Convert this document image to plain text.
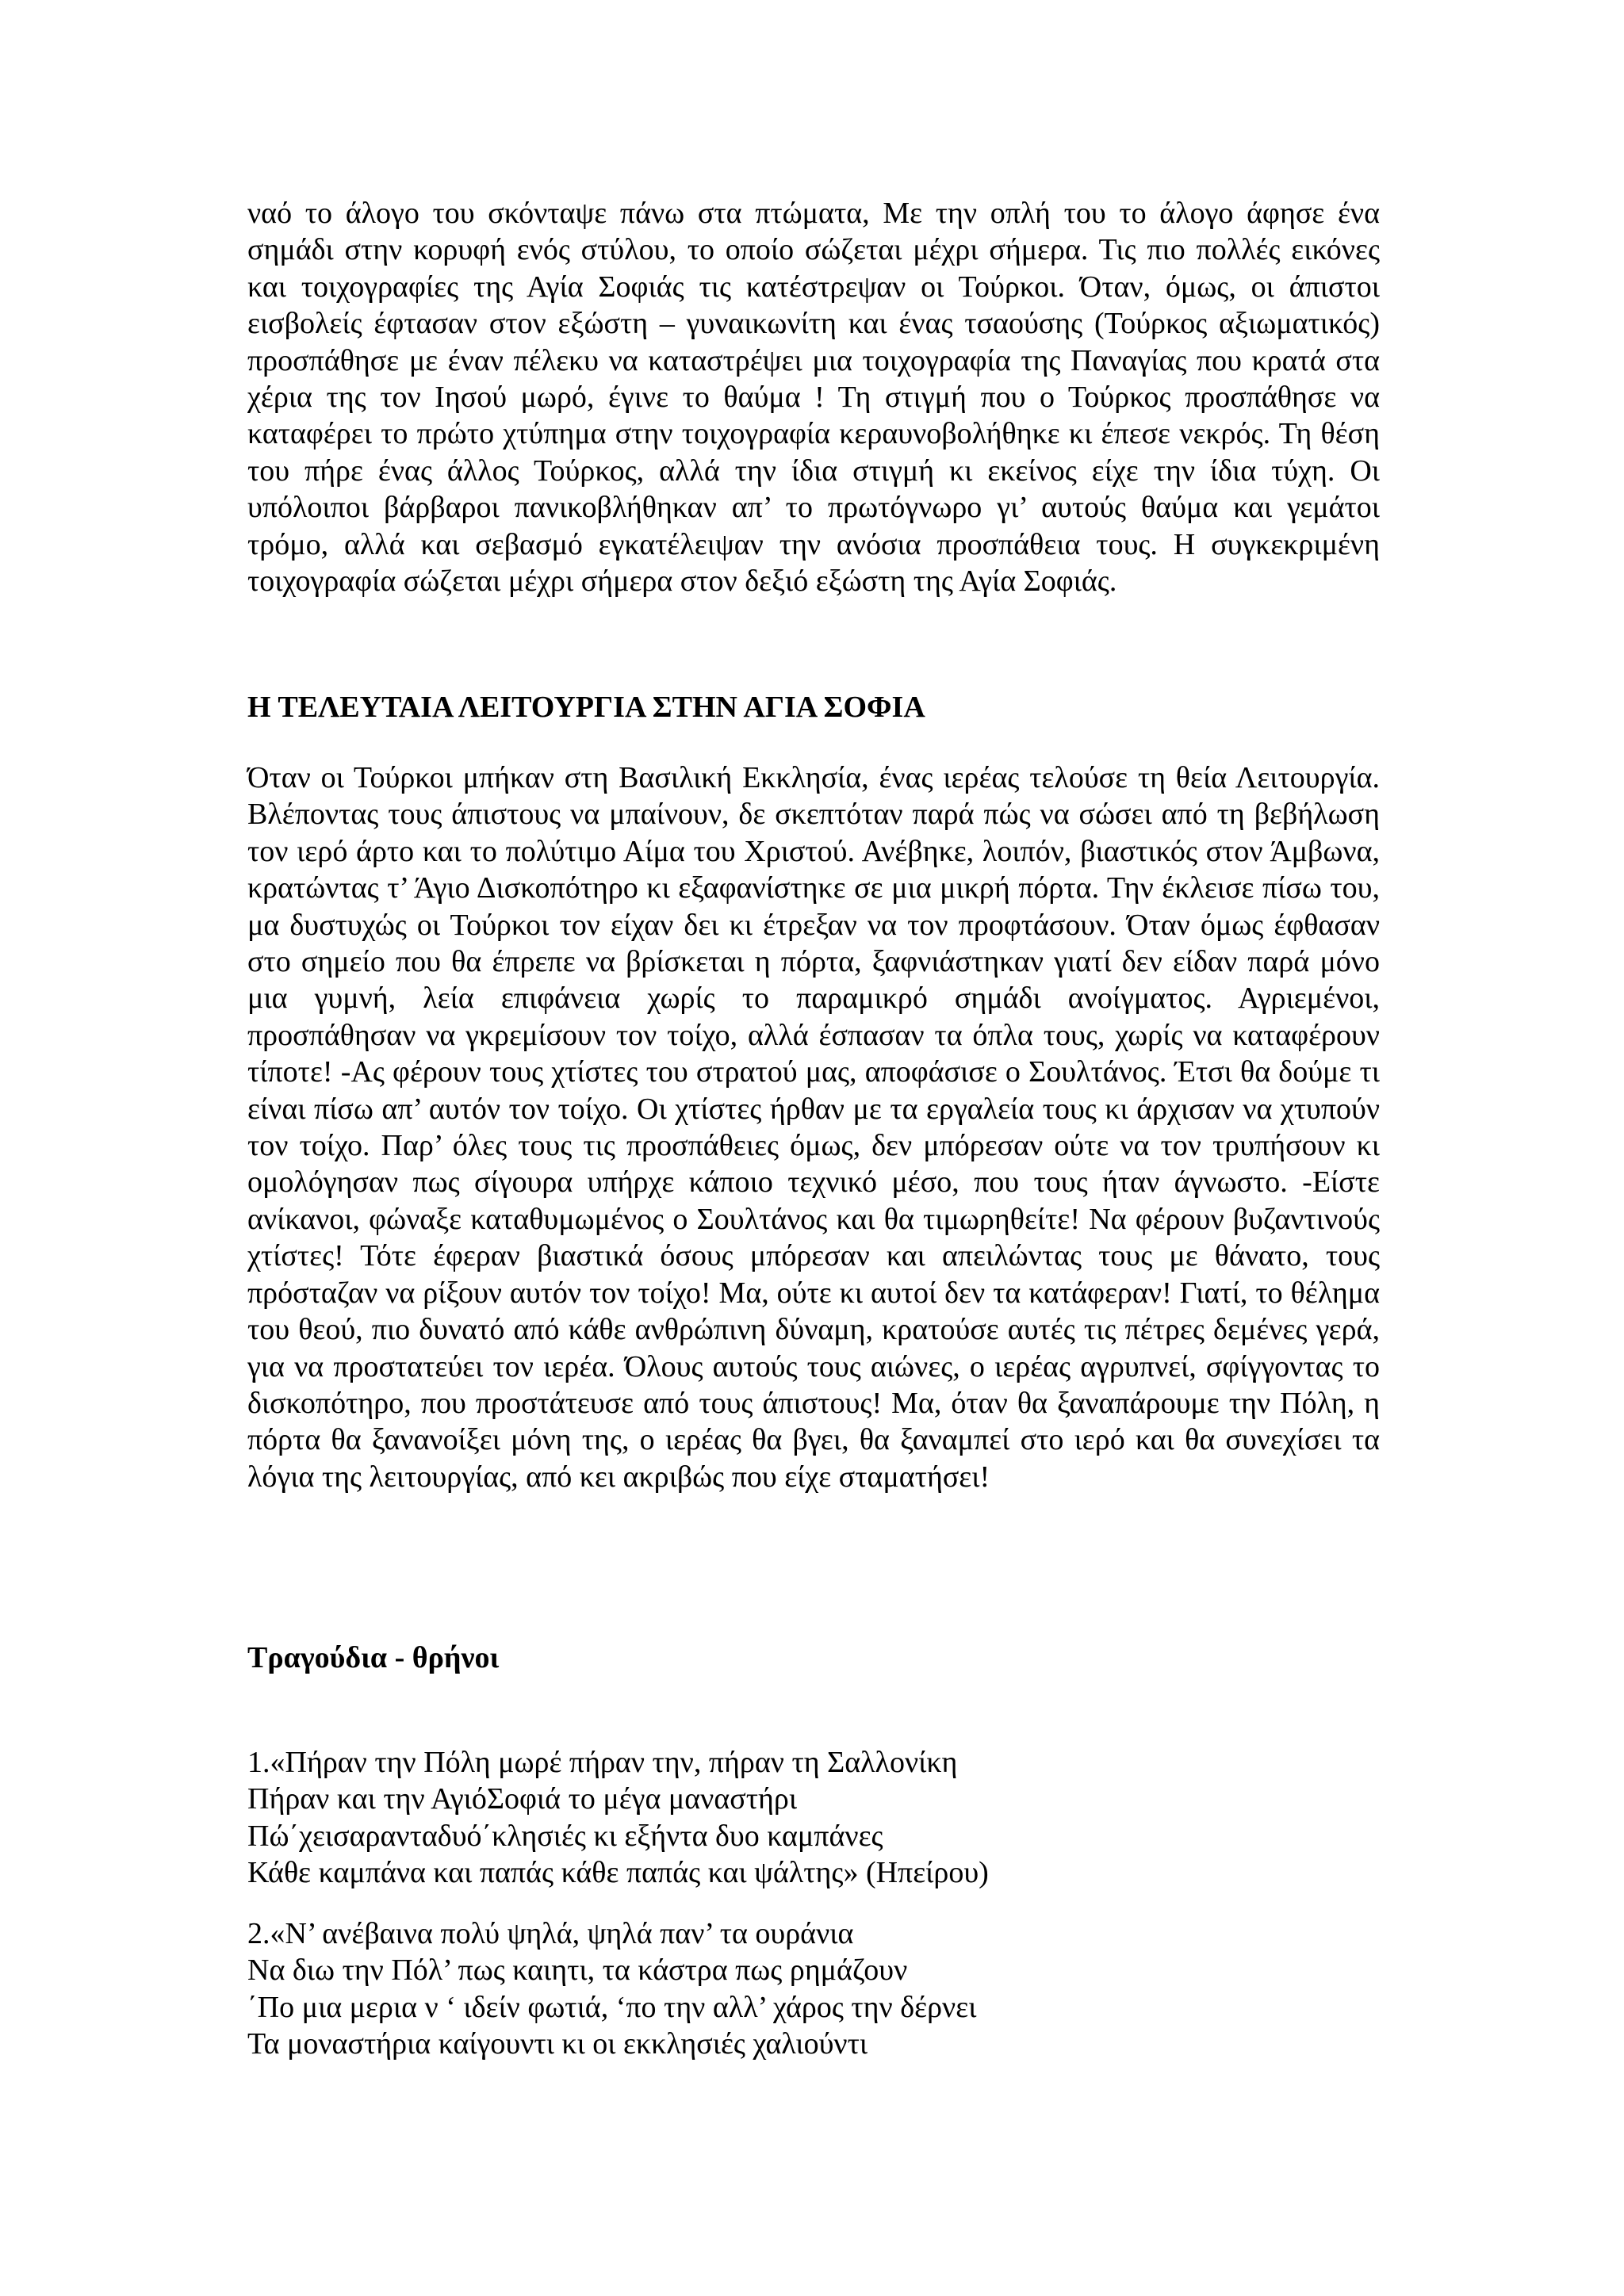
ναό το άλογο του σκόνταψε πάνω στα πτώματα, Με την οπλή του το άλογο άφησε ένα σημάδι στην κορυφή ενός στύλου, το οποίο σώζεται μέχρι σήμερα. Τις πιο πολλές εικόνες και τοιχογραφίες της Αγία Σοφιάς τις κατέστρεψαν οι Τούρκοι. Όταν, όμως, οι άπιστοι εισβολείς έφτασαν στον εξώστη – γυναικωνίτη και ένας τσαούσης (Τούρκος αξιωματικός) προσπάθησε με έναν πέλεκυ να καταστρέψει μια τοιχογραφία της Παναγίας που κρατά στα χέρια της τον Ιησού μωρό, έγινε το θαύμα ! Τη στιγμή που ο Τούρκος προσπάθησε να καταφέρει το πρώτο χτύπημα στην τοιχογραφία κεραυνοβολήθηκε κι έπεσε νεκρός. Τη θέση του πήρε ένας άλλος Τούρκος, αλλά την ίδια στιγμή κι εκείνος είχε την ίδια τύχη. Οι υπόλοιποι βάρβαροι πανικοβλήθηκαν απ’ το πρωτόγνωρο γι’ αυτούς θαύμα και γεμάτοι τρόμο, αλλά και σεβασμό εγκατέλειψαν την ανόσια προσπάθεια τους. Η συγκεκριμένη τοιχογραφία σώζεται μέχρι σήμερα στον δεξιό εξώστη της Αγία Σοφιάς.

Η ΤΕΛΕΥΤΑΙΑ ΛΕΙΤΟΥΡΓΙΑ ΣΤΗΝ ΑΓΙΑ ΣΟΦΙΑ

Όταν οι Τούρκοι μπήκαν στη Βασιλική Εκκλησία, ένας ιερέας τελούσε τη θεία Λειτουργία. Βλέποντας τους άπιστους να μπαίνουν, δε σκεπτόταν παρά πώς να σώσει από τη βεβήλωση τον ιερό άρτο και το πολύτιμο Αίμα του Χριστού. Ανέβηκε, λοιπόν, βιαστικός στον Άμβωνα, κρατώντας τ’ Άγιο Δισκοπότηρο κι εξαφανίστηκε σε μια μικρή πόρτα. Την έκλεισε πίσω του, μα δυστυχώς οι Τούρκοι τον είχαν δει κι έτρεξαν να τον προφτάσουν. Όταν όμως έφθασαν στο σημείο που θα έπρεπε να βρίσκεται η πόρτα, ξαφνιάστηκαν γιατί δεν είδαν παρά μόνο μια γυμνή, λεία επιφάνεια χωρίς το παραμικρό σημάδι ανοίγματος. Αγριεμένοι, προσπάθησαν να γκρεμίσουν τον τοίχο, αλλά έσπασαν τα όπλα τους, χωρίς να καταφέρουν τίποτε! -Ας φέρουν τους χτίστες του στρατού μας, αποφάσισε ο Σουλτάνος. Έτσι θα δούμε τι είναι πίσω απ’ αυτόν τον τοίχο. Οι χτίστες ήρθαν με τα εργαλεία τους κι άρχισαν να χτυπούν τον τοίχο. Παρ’ όλες τους τις προσπάθειες όμως, δεν μπόρεσαν ούτε να τον τρυπήσουν κι ομολόγησαν πως σίγουρα υπήρχε κάποιο τεχνικό μέσο, που τους ήταν άγνωστο. -Είστε ανίκανοι, φώναξε καταθυμωμένος ο Σουλτάνος και θα τιμωρηθείτε! Να φέρουν βυζαντινούς χτίστες! Τότε έφεραν βιαστικά όσους μπόρεσαν και απειλώντας τους με θάνατο, τους πρόσταζαν να ρίξουν αυτόν τον τοίχο! Μα, ούτε κι αυτοί δεν τα κατάφεραν! Γιατί, το θέλημα του θεού, πιο δυνατό από κάθε ανθρώπινη δύναμη, κρατούσε αυτές τις πέτρες δεμένες γερά, για να προστατεύει τον ιερέα. Όλους αυτούς τους αιώνες, ο ιερέας αγρυπνεί, σφίγγοντας το δισκοπότηρο, που προστάτευσε από τους άπιστους! Μα, όταν θα ξαναπάρουμε την Πόλη, η πόρτα θα ξανανοίξει μόνη της, ο ιερέας θα βγει, θα ξαναμπεί στο ιερό και θα συνεχίσει τα λόγια της λειτουργίας, από κει ακριβώς που είχε σταματήσει!

Τραγούδια - θρήνοι

1.«Πήραν την Πόλη μωρέ πήραν την, πήραν τη Σαλλονίκη
Πήραν και την ΑγιόΣοφιά το μέγα μαναστήρι
Πώ΄χεισαρανταδυό΄κλησιές κι εξήντα δυο καμπάνες
Κάθε καμπάνα και παπάς κάθε παπάς και ψάλτης» (Ηπείρου)
2.«Ν’ ανέβαινα πολύ ψηλά, ψηλά παν’ τα ουράνια
Να διω την Πόλ’ πως καιητι, τα κάστρα πως ρημάζουν
΄Πο μια μερια ν ‘ ιδείν φωτιά, ‘πο την αλλ’ χάρος την δέρνει
Τα μοναστήρια καίγουντι κι οι εκκλησιές χαλιούντι
